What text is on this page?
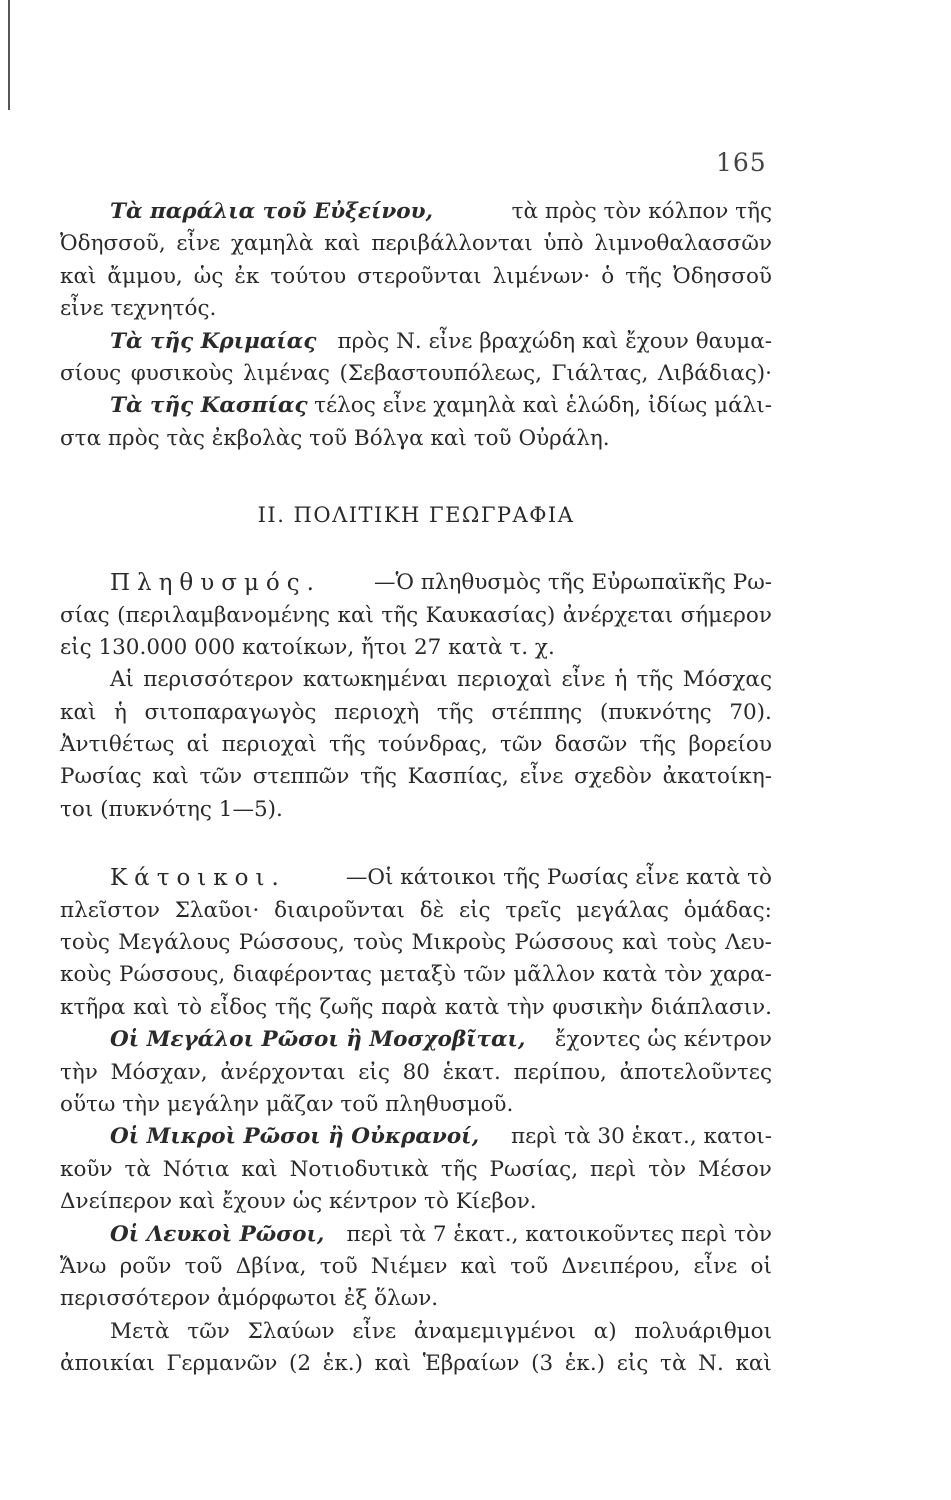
165
Τὰ παράλια τοῦ Εὐξείνου,	τὰ πρὸς τὸν κόλπον τῆς
Ὀδησσοῦ, εἶνε χαμηλὰ καὶ περιβάλλονται ὑπὸ λιμνοθαλασσῶν
καὶ ἄμμου, ὡς ἐκ τούτου στεροῦνται λιμένων· ὁ τῆς Ὀδησσοῦ
εἶνε τεχνητός.
Τὰ τῆς Κριμαίας πρὸς Ν. εἶνε βραχώδη καὶ ἔχουν θαυμα-
σίους φυσικοὺς λιμένας (Σεβαστουπόλεως, Γιάλτας, Λιβάδιας)·
Τὰ τῆς Κασπίας τέλος εἶνε χαμηλὰ καὶ ἑλώδη, ἰδίως μάλι-
στα πρὸς τὰς ἐκβολὰς τοῦ Βόλγα καὶ τοῦ Οὐράλη.
II. ΠΟΛΙΤΙΚΗ ΓΕΩΓΡΑΦΙΑ
Πληθυσμός. —Ὁ πληθυσμὸς τῆς Εὐρωπαϊκῆς Ρω-
σίας (περιλαμβανομένης καὶ τῆς Καυκασίας) ἀνέρχεται σήμερον
εἰς 130.000 000 κατοίκων, ἤτοι 27 κατὰ τ. χ.
Αἱ περισσότερον κατωκημέναι περιοχαὶ εἶνε ἡ τῆς Μόσχας
καὶ ἡ σιτοπαραγωγὸς περιοχὴ τῆς στέππης (πυκνότης 70).
Ἀντιθέτως αἱ περιοχαὶ τῆς τούνδρας, τῶν δασῶν τῆς βορείου
Ρωσίας καὶ τῶν στεππῶν τῆς Κασπίας, εἶνε σχεδὸν ἀκατοίκη-
τοι (πυκνότης 1—5).
Κάτοικοι.	—Οἱ κάτοικοι τῆς Ρωσίας εἶνε κατὰ τὸ
πλεῖστον Σλαῦοι· διαιροῦνται δὲ εἰς τρεῖς μεγάλας ὁμάδας:
τοὺς Μεγάλους Ρώσσους, τοὺς Μικροὺς Ρώσσους καὶ τοὺς Λευ-
κοὺς Ρώσσους, διαφέροντας μεταξὺ τῶν μᾶλλον κατὰ τὸν χαρα-
κτῆρα καὶ τὸ εἶδος τῆς ζωῆς παρὰ κατὰ τὴν φυσικὴν διάπλασιν.
Οἱ Μεγάλοι Ρῶσοι ἢ Μοσχοβῖται, ἔχοντες ὡς κέντρον
τὴν Μόσχαν, ἀνέρχονται εἰς 80 ἑκατ. περίπου, ἀποτελοῦντες
οὕτω τὴν μεγάλην μᾶζαν τοῦ πληθυσμοῦ.
Οἱ Μικροὶ Ρῶσοι ἢ Οὐκρανοί, περὶ τὰ 30 ἑκατ., κατοι-
κοῦν τὰ Νότια καὶ Νοτιοδυτικὰ τῆς Ρωσίας, περὶ τὸν Μέσον
Δνείπερον καὶ ἔχουν ὡς κέντρον τὸ Κίεβον.
Οἱ Λευκοὶ Ρῶσοι, περὶ τὰ 7 ἑκατ., κατοικοῦντες περὶ τὸν
Ἄνω ροῦν τοῦ Δβίνα, τοῦ Νιέμεν καὶ τοῦ Δνειπέρου, εἶνε οἱ
περισσότερον ἀμόρφωτοι ἐξ ὅλων.
Μετὰ τῶν Σλαύων εἶνε ἀναμεμιγμένοι α) πολυάριθμοι
ἀποικίαι Γερμανῶν (2 ἑκ.) καὶ Ἑβραίων (3 ἑκ.) εἰς τὰ Ν. καὶ
